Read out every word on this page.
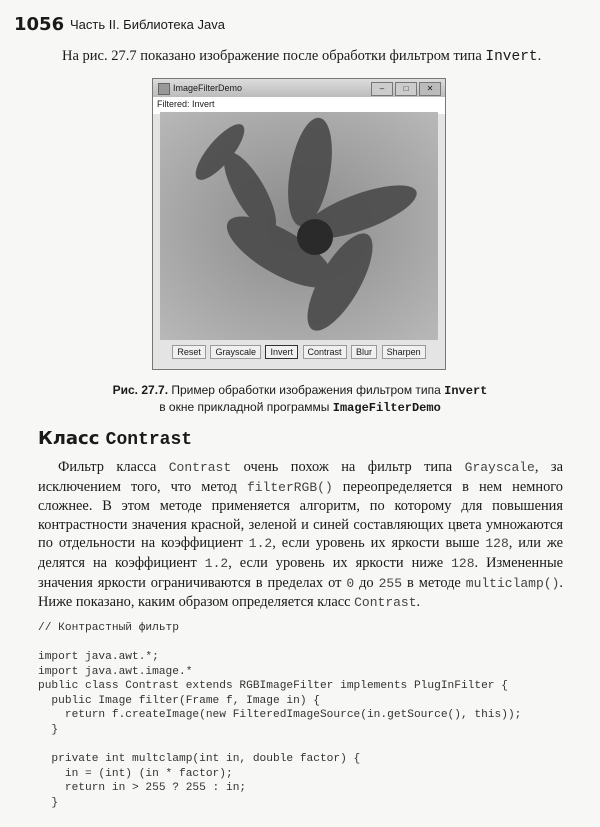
1056 Часть II. Библиотека Java
На рис. 27.7 показано изображение после обработки фильтром типа Invert.
ImageFilterDemo	–	□	✕
Filtered: Invert
Reset Grayscale Invert Contrast Blur Sharpen
Рис. 27.7. Пример обработки изображения фильтром типа Invert
в окне прикладной программы ImageFilterDemo
Класс Contrast
Фильтр класса Contrast очень похож на фильтр типа Grayscale, за исключением того, что метод filterRGB() переопределяется в нем немного сложнее. В этом методе применяется алгоритм, по которому для повышения контрастности значения красной, зеленой и синей составляющих цвета умножаются по отдельности на коэффициент 1.2, если уровень их яркости выше 128, или же делятся на коэффициент 1.2, если уровень их яркости ниже 128. Измененные значения яркости ограничиваются в пределах от 0 до 255 в методе multiclamp(). Ниже показано, каким образом определяется класс Contrast.
// Контрастный фильтр

import java.awt.*;
import java.awt.image.*
public class Contrast extends RGBImageFilter implements PlugInFilter {
public Image filter(Frame f, Image in) {
return f.createImage(new FilteredImageSource(in.getSource(), this));
}

private int multclamp(int in, double factor) {
in = (int) (in * factor);
return in > 255 ? 255 : in;
}
